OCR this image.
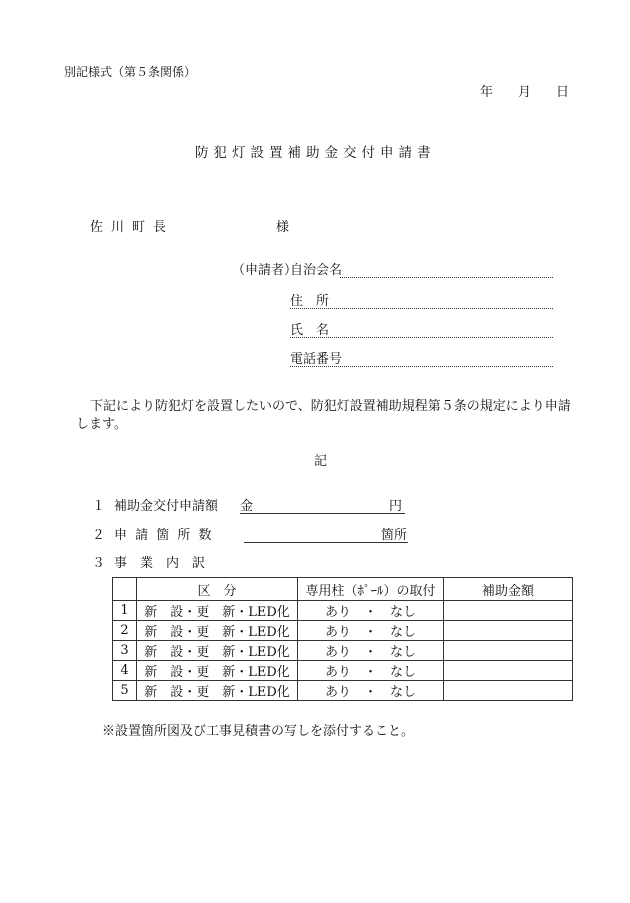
別記様式（第５条関係）
年 月 日
防犯灯設置補助金交付申請書
佐川町長	様
（申請者）
自治会名
住　所
氏　名
電話番号
下記により防犯灯を設置したいので、防犯灯設置補助規程第５条の規定により申請
します。
記
１ 補助金交付申請額 金	円
２ 申 請 箇 所 数	箇所
３ 事　業　内　訳
	区　分	専用柱（ﾎﾟｰﾙ）の取付	補助金額
1	新　設・更　新・LED化	あり　・　なし	
2	新　設・更　新・LED化	あり　・　なし	
3	新　設・更　新・LED化	あり　・　なし	
4	新　設・更　新・LED化	あり　・　なし	
5	新　設・更　新・LED化	あり　・　なし	
※設置箇所図及び工事見積書の写しを添付すること。
